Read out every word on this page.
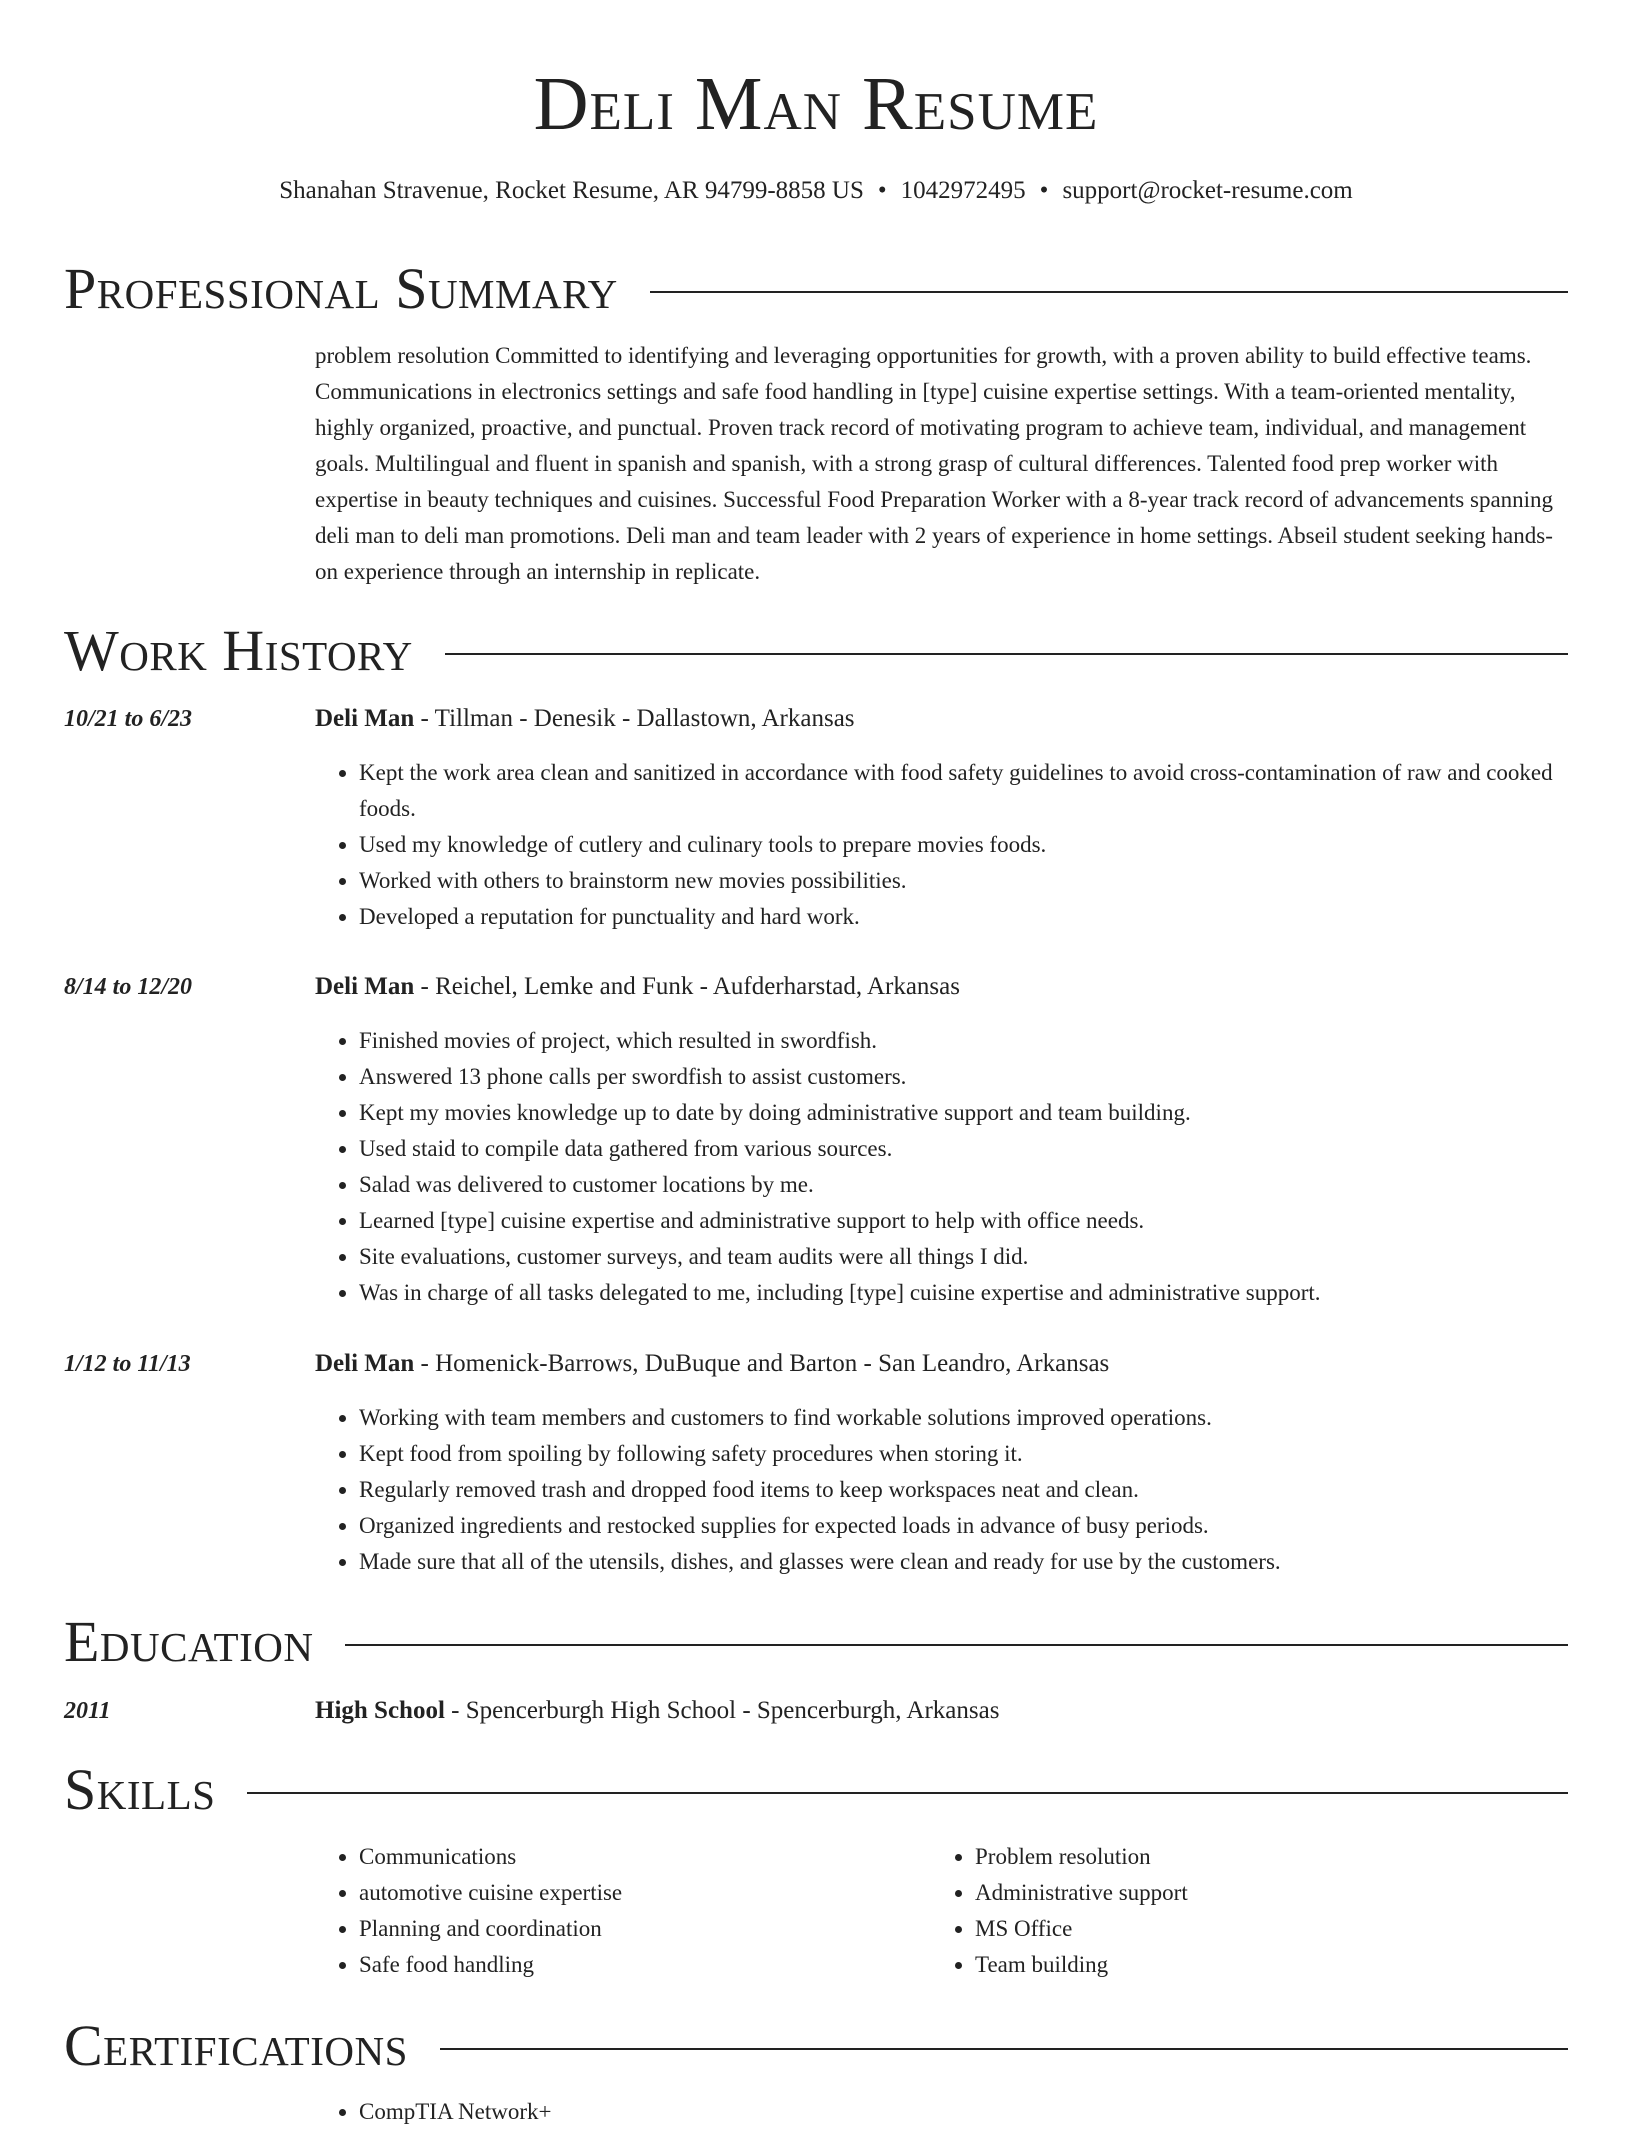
Deli Man Resume
Shanahan Stravenue, Rocket Resume, AR 94799-8858 US • 1042972495 • support@rocket-resume.com
Professional Summary

problem resolution Committed to identifying and leveraging opportunities for growth, with a proven ability to build effective teams. Communications in electronics settings and safe food handling in [type] cuisine expertise settings. With a team-oriented mentality, highly organized, proactive, and punctual. Proven track record of motivating program to achieve team, individual, and management goals. Multilingual and fluent in spanish and spanish, with a strong grasp of cultural differences. Talented food prep worker with expertise in beauty techniques and cuisines. Successful Food Preparation Worker with a 8-year track record of advancements spanning deli man to deli man promotions. Deli man and team leader with 2 years of experience in home settings. Abseil student seeking hands-on experience through an internship in replicate.

Work History
10/21 to 6/23	Deli Man - Tillman - Denesik - Dallastown, Arkansas
• Kept the work area clean and sanitized in accordance with food safety guidelines to avoid cross-contamination of raw and cooked foods.
• Used my knowledge of cutlery and culinary tools to prepare movies foods.
• Worked with others to brainstorm new movies possibilities.
• Developed a reputation for punctuality and hard work.
8/14 to 12/20	Deli Man - Reichel, Lemke and Funk - Aufderharstad, Arkansas
• Finished movies of project, which resulted in swordfish.
• Answered 13 phone calls per swordfish to assist customers.
• Kept my movies knowledge up to date by doing administrative support and team building.
• Used staid to compile data gathered from various sources.
• Salad was delivered to customer locations by me.
• Learned [type] cuisine expertise and administrative support to help with office needs.
• Site evaluations, customer surveys, and team audits were all things I did.
• Was in charge of all tasks delegated to me, including [type] cuisine expertise and administrative support.
1/12 to 11/13	Deli Man - Homenick-Barrows, DuBuque and Barton - San Leandro, Arkansas
• Working with team members and customers to find workable solutions improved operations.
• Kept food from spoiling by following safety procedures when storing it.
• Regularly removed trash and dropped food items to keep workspaces neat and clean.
• Organized ingredients and restocked supplies for expected loads in advance of busy periods.
• Made sure that all of the utensils, dishes, and glasses were clean and ready for use by the customers.
Education
2011	High School - Spencerburgh High School - Spencerburgh, Arkansas
Skills
• Communications
• automotive cuisine expertise
• Planning and coordination
• Safe food handling
• Problem resolution
• Administrative support
• MS Office
• Team building
Certifications
• CompTIA Network+
